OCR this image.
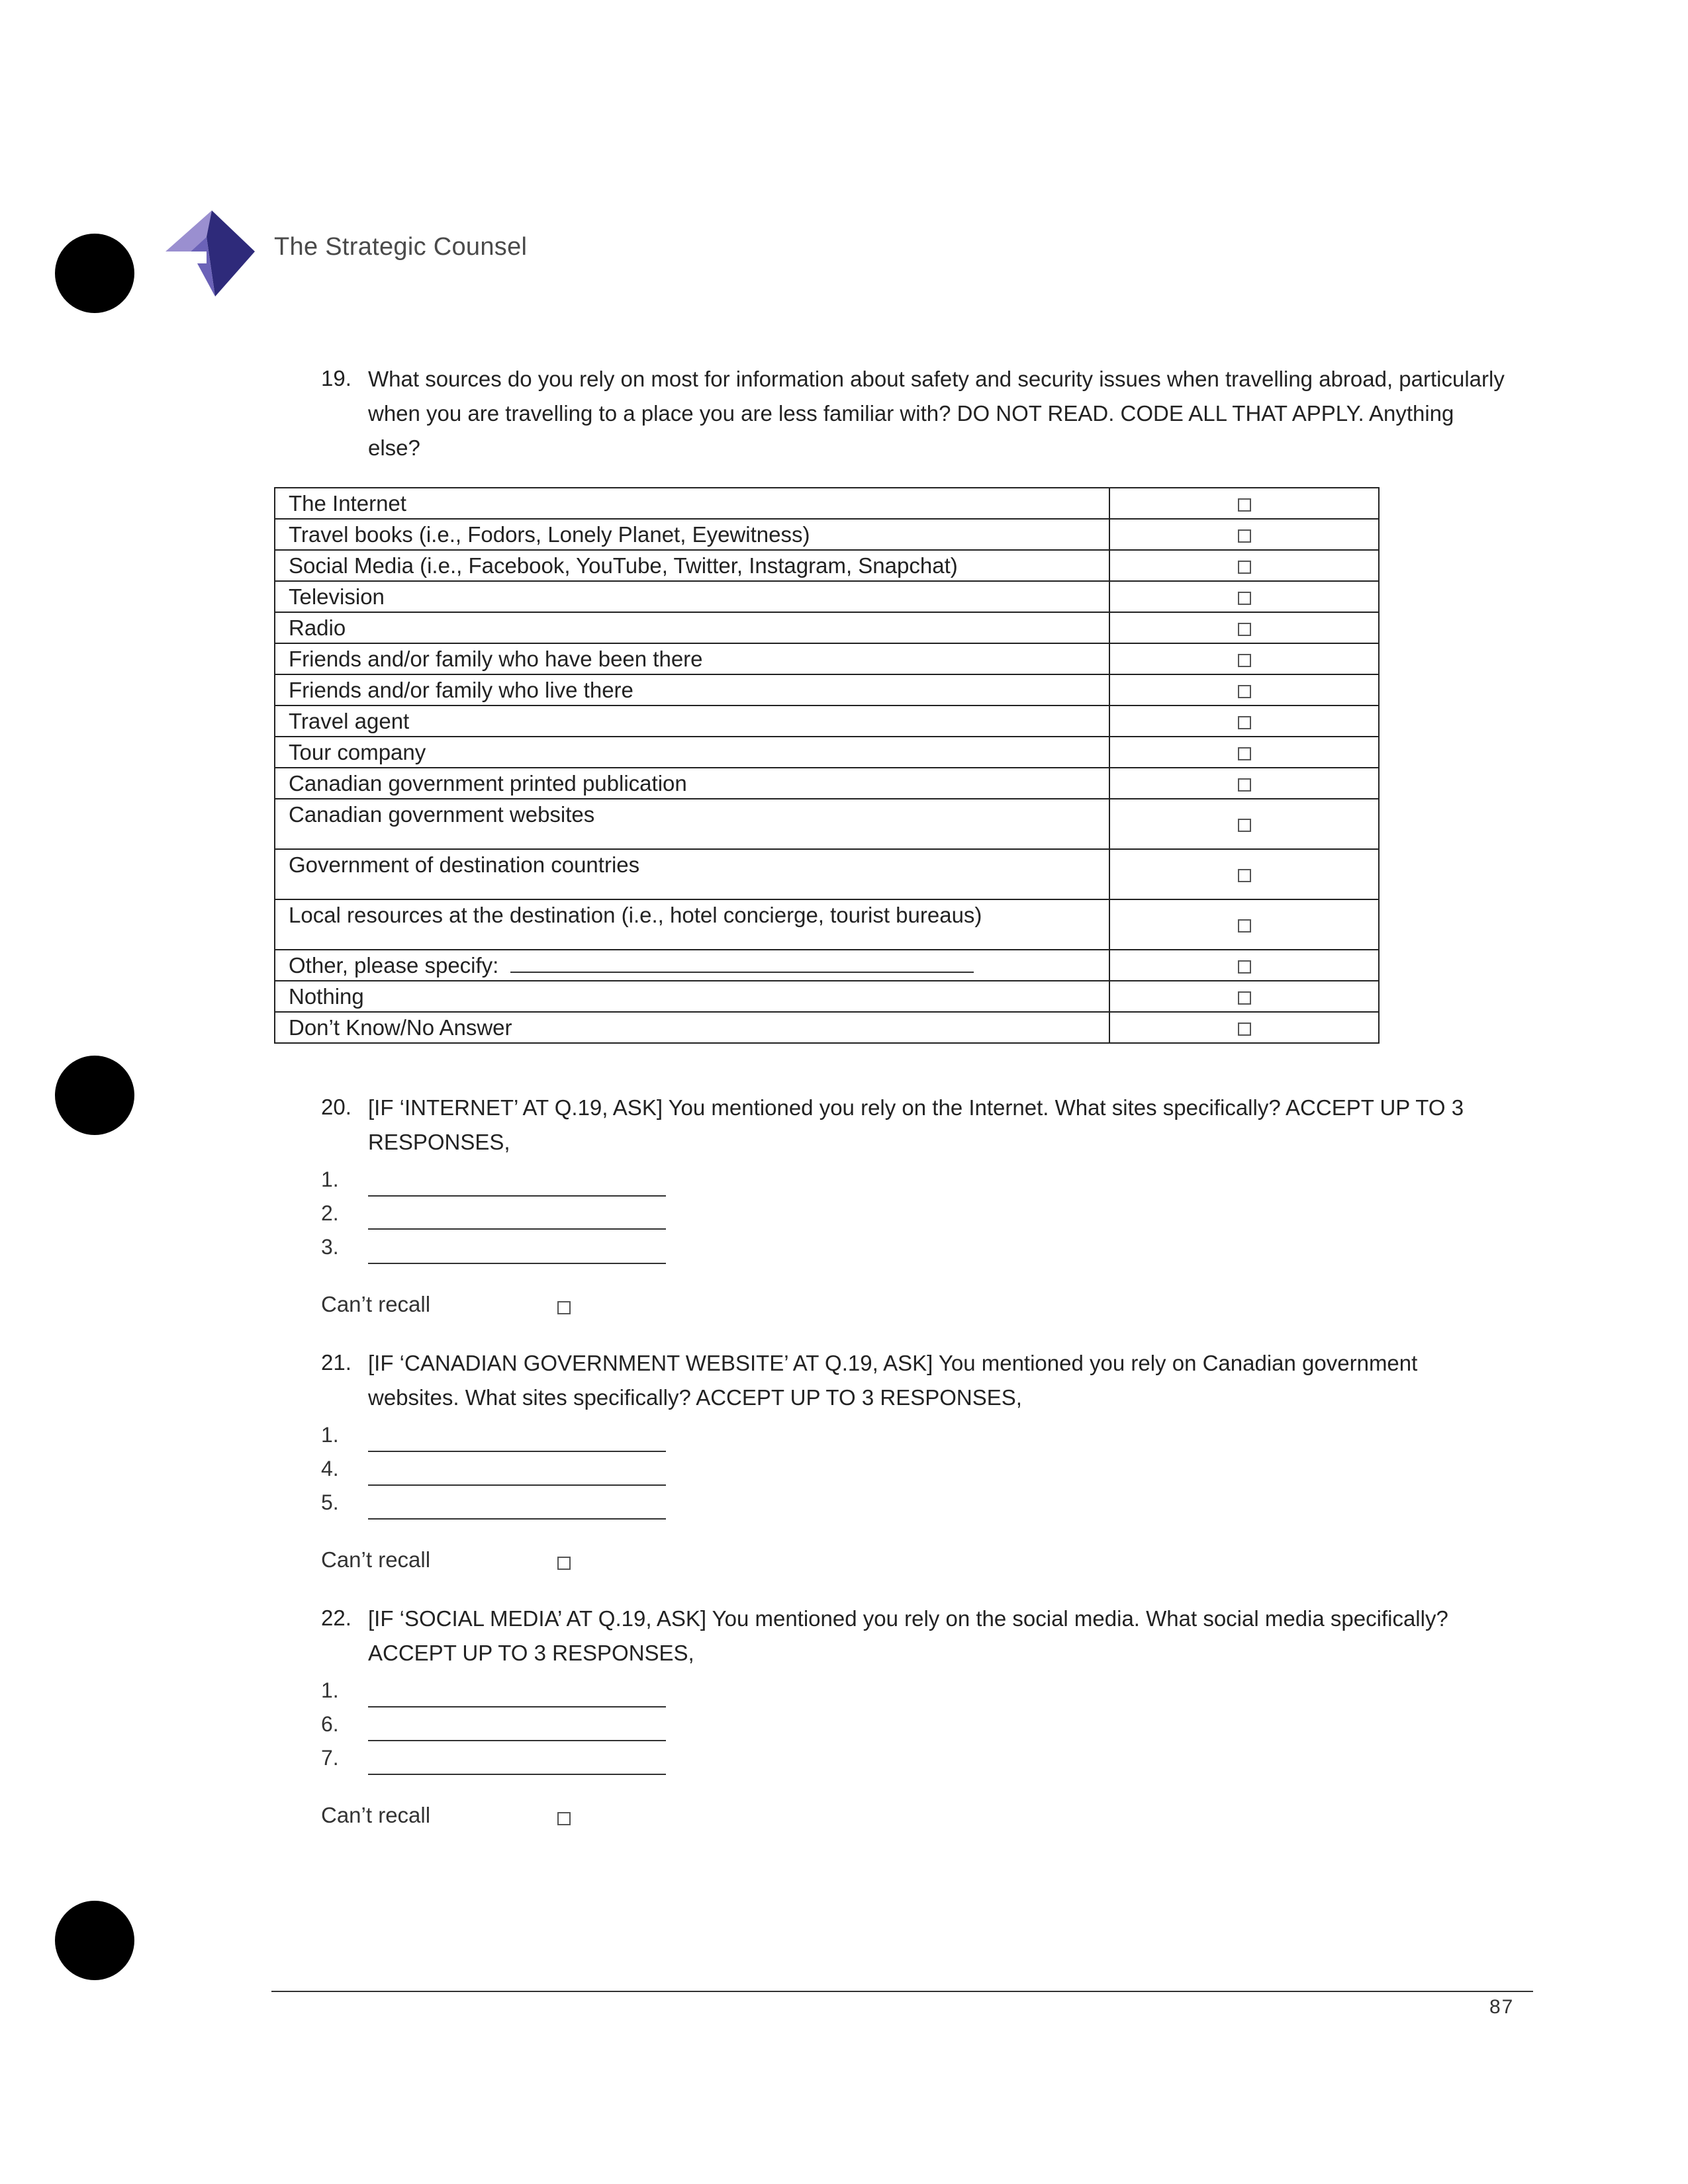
The Strategic Counsel
19. What sources do you rely on most for information about safety and security issues when travelling abroad, particularly when you are travelling to a place you are less familiar with? DO NOT READ. CODE ALL THAT APPLY. Anything else?
The Internet	
Travel books (i.e., Fodors, Lonely Planet, Eyewitness)	
Social Media (i.e., Facebook, YouTube, Twitter, Instagram, Snapchat)	
Television	
Radio	
Friends and/or family who have been there	
Friends and/or family who live there	
Travel agent	
Tour company	
Canadian government printed publication	
Canadian government websites	
Government of destination countries	
Local resources at the destination (i.e., hotel concierge, tourist bureaus)	
Other, please specify:	
Nothing	
Don’t Know/No Answer	
20. [IF ‘INTERNET’ AT Q.19, ASK] You mentioned you rely on the Internet. What sites specifically? ACCEPT UP TO 3 RESPONSES,
1.
2.
3.
Can’t recall
21. [IF ‘CANADIAN GOVERNMENT WEBSITE’ AT Q.19, ASK] You mentioned you rely on Canadian government websites. What sites specifically? ACCEPT UP TO 3 RESPONSES,
1.
4.
5.
Can’t recall
22. [IF ‘SOCIAL MEDIA’ AT Q.19, ASK] You mentioned you rely on the social media. What social media specifically? ACCEPT UP TO 3 RESPONSES,
1.
6.
7.
Can’t recall
87
